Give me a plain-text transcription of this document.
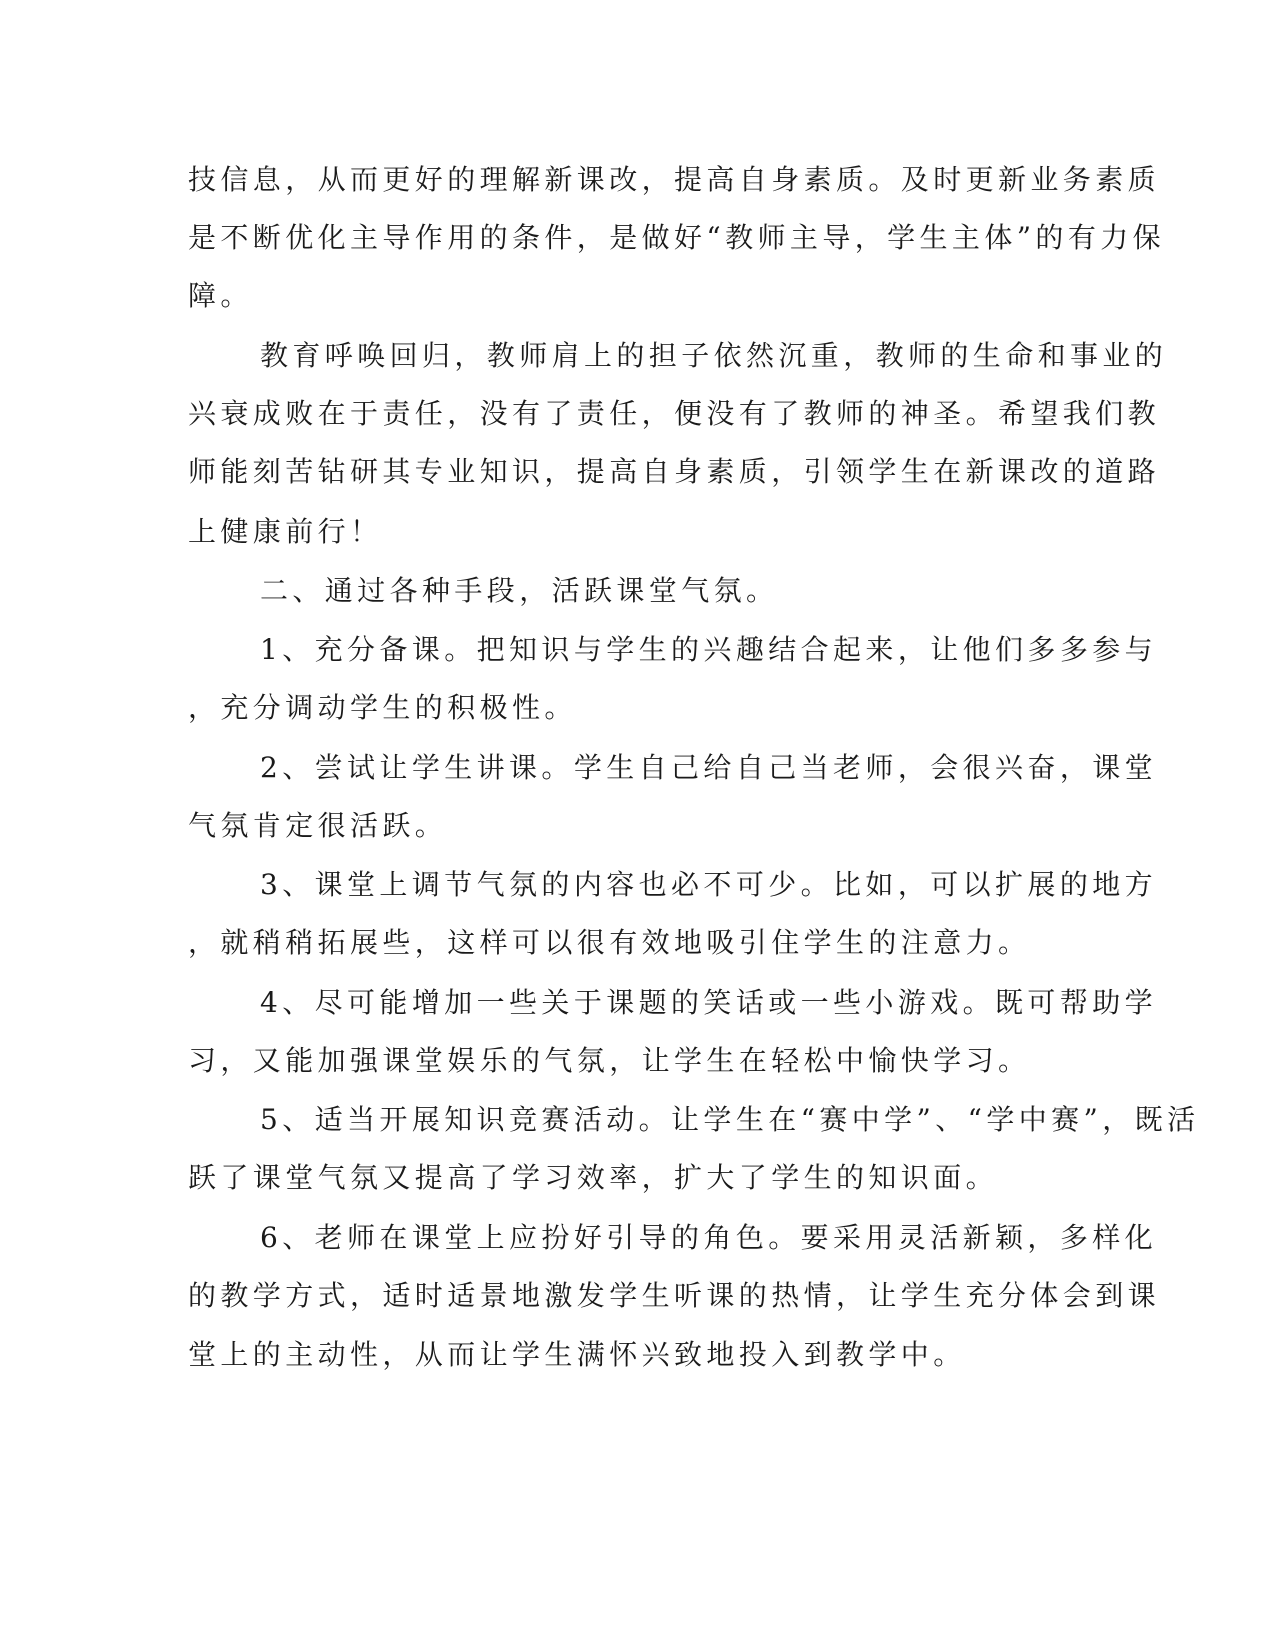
技信息，从而更好的理解新课改，提高自身素质。及时更新业务素质
是不断优化主导作用的条件，是做好“教师主导，学生主体”的有力保
障。
教育呼唤回归，教师肩上的担子依然沉重，教师的生命和事业的
兴衰成败在于责任，没有了责任，便没有了教师的神圣。希望我们教
师能刻苦钻研其专业知识，提高自身素质，引领学生在新课改的道路
上健康前行！
二、通过各种手段，活跃课堂气氛。
1、充分备课。把知识与学生的兴趣结合起来，让他们多多参与
，充分调动学生的积极性。
2、尝试让学生讲课。学生自己给自己当老师，会很兴奋，课堂
气氛肯定很活跃。
3、课堂上调节气氛的内容也必不可少。比如，可以扩展的地方
，就稍稍拓展些，这样可以很有效地吸引住学生的注意力。
4、尽可能增加一些关于课题的笑话或一些小游戏。既可帮助学
习，又能加强课堂娱乐的气氛，让学生在轻松中愉快学习。
5、适当开展知识竞赛活动。让学生在“赛中学”、“学中赛”，既活
跃了课堂气氛又提高了学习效率，扩大了学生的知识面。
6、老师在课堂上应扮好引导的角色。要采用灵活新颖，多样化
的教学方式，适时适景地激发学生听课的热情，让学生充分体会到课
堂上的主动性，从而让学生满怀兴致地投入到教学中。
